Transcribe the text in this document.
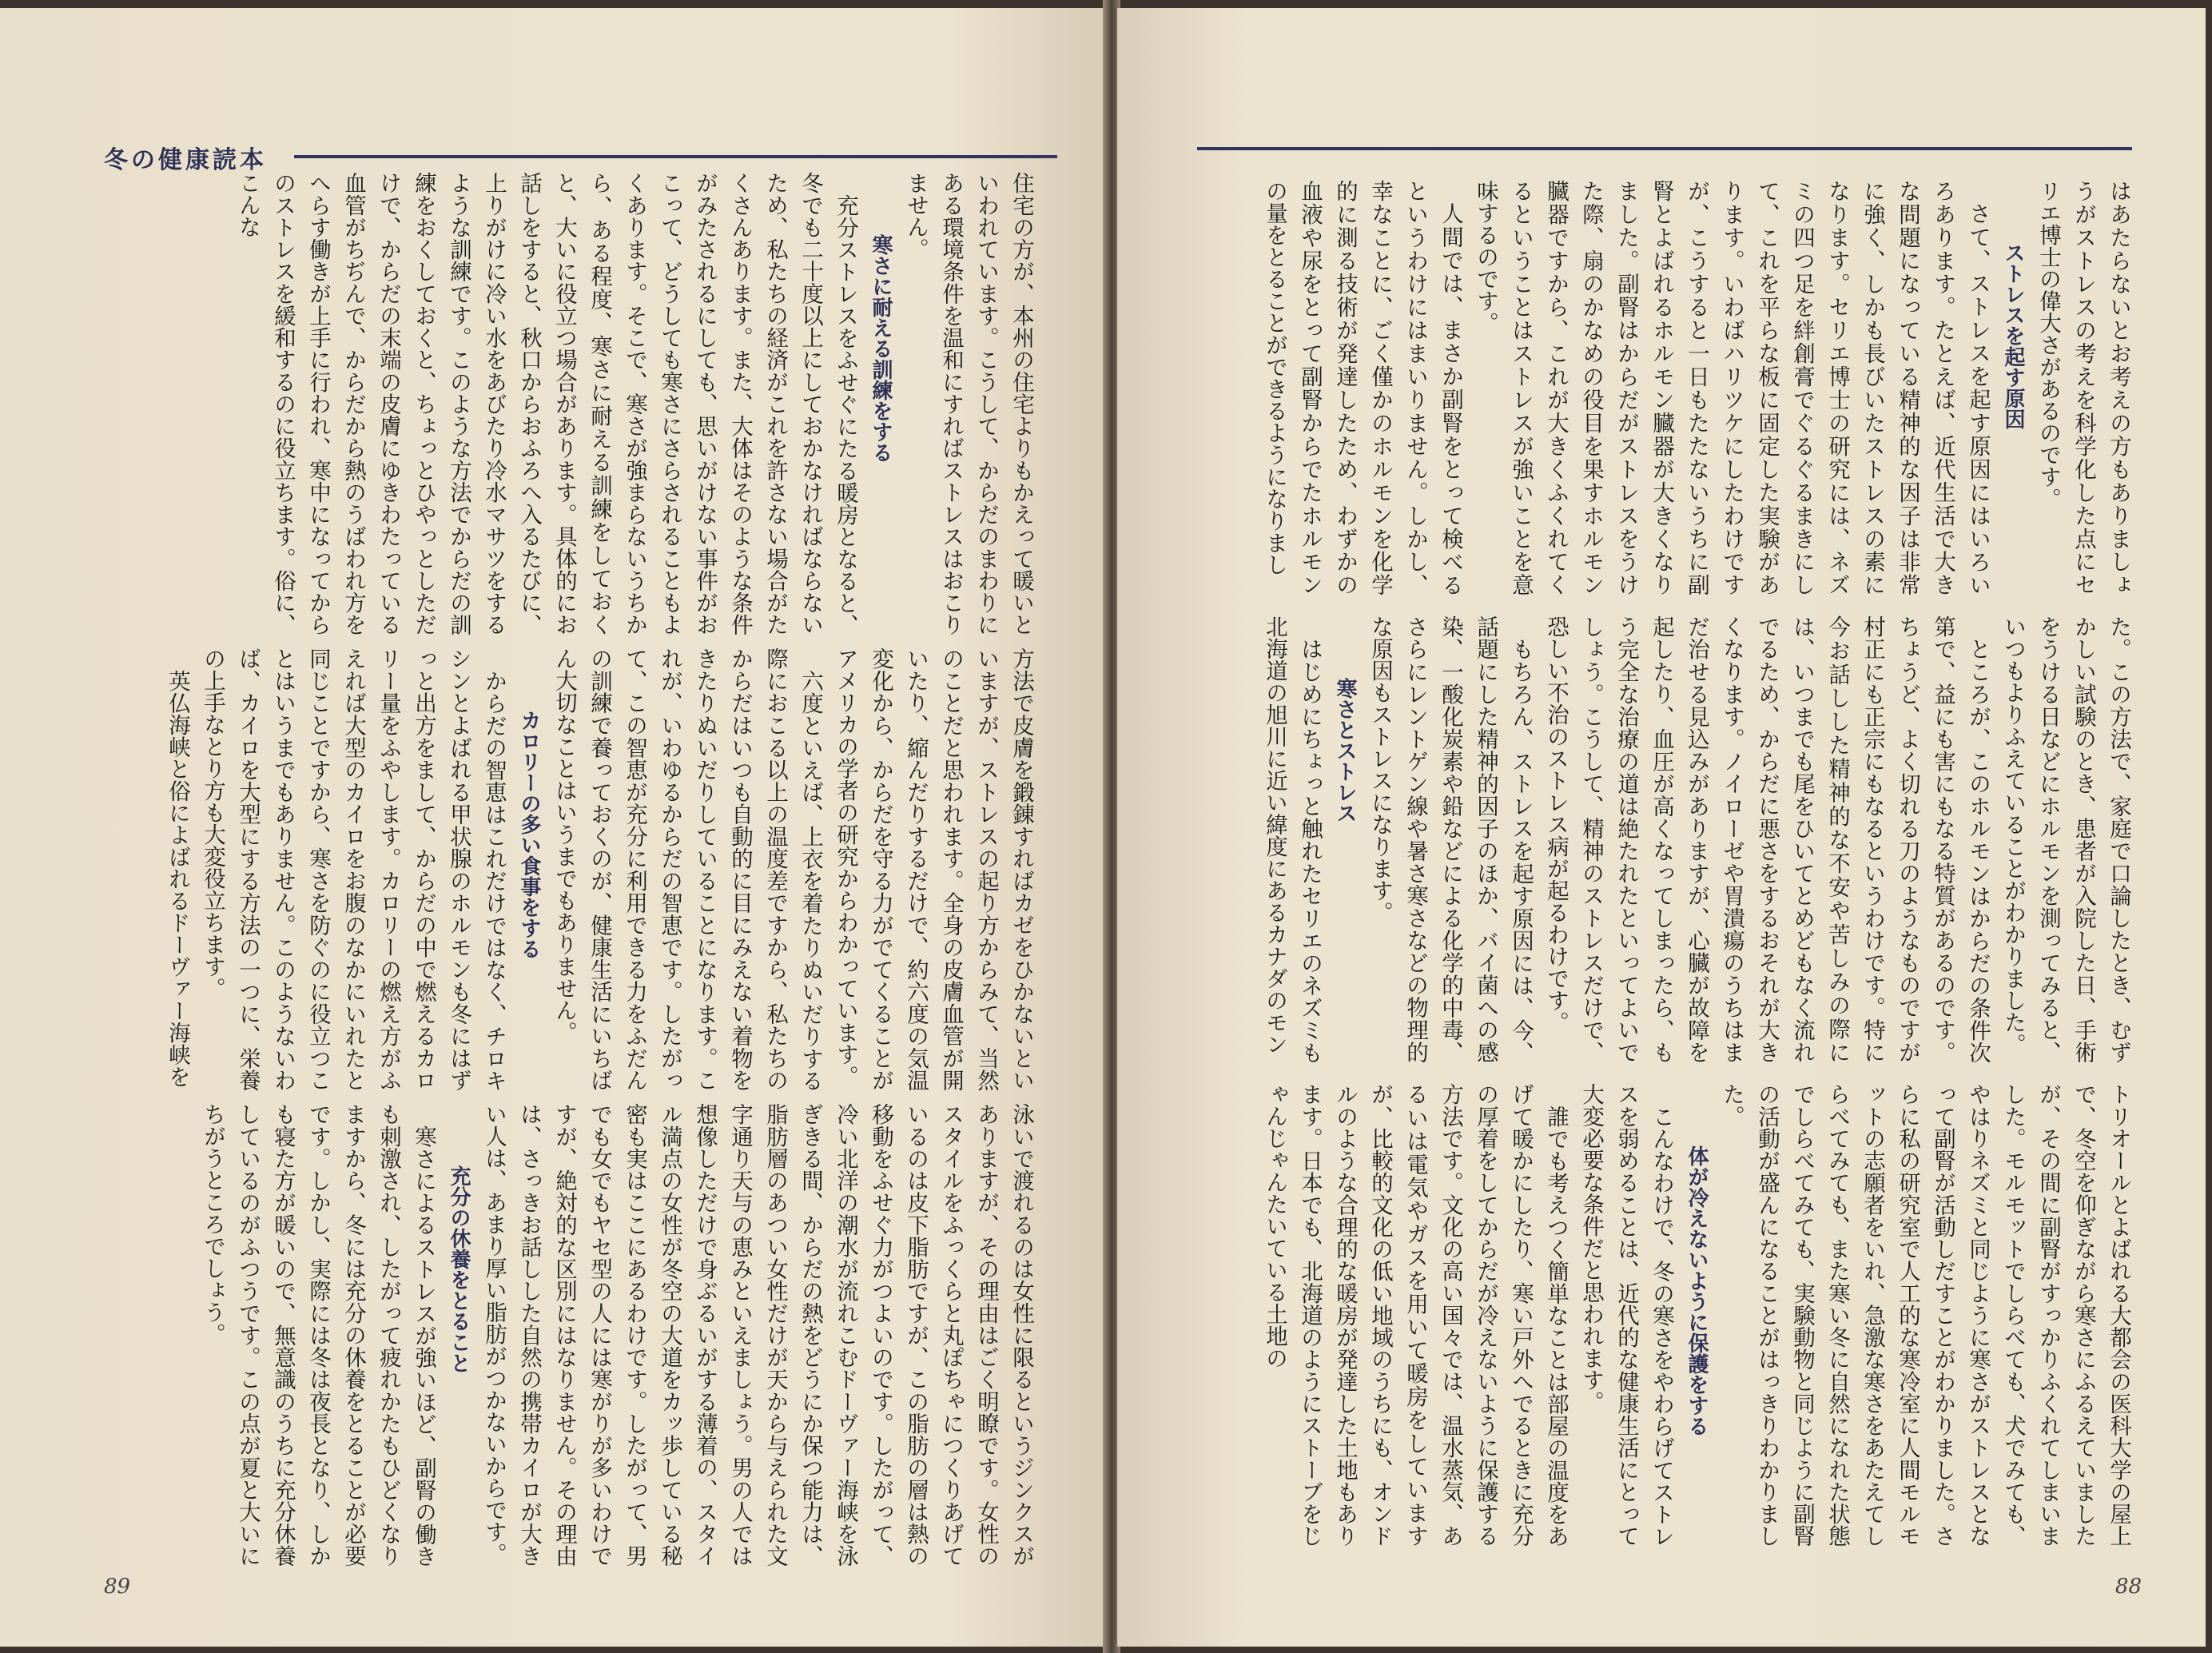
冬の健康読本

住宅の方が、本州の住宅よりもかえって暖いといわれています。こうして、からだのまわりにある環境条件を温和にすればストレスはおこりません。

寒さに耐える訓練をする

充分ストレスをふせぐにたる暖房となると、冬でも二十度以上にしておかなければならないため、私たちの経済がこれを許さない場合がたくさんあります。また、大体はそのような条件がみたされるにしても、思いがけない事件がおこって、どうしても寒さにさらされることもよくあります。そこで、寒さが強まらないうちから、ある程度、寒さに耐える訓練をしておくと、大いに役立つ場合があります。具体的にお話しをすると、秋口からおふろへ入るたびに、上りがけに冷い水をあびたり冷水マサツをするような訓練です。このような方法でからだの訓練をおくしておくと、ちょっとひやっとしただけで、からだの末端の皮膚にゆきわたっている血管がちぢんで、からだから熱のうばわれ方をへらす働きが上手に行われ、寒中になってからのストレスを緩和するのに役立ちます。俗に、こんな

方法で皮膚を鍛錬すればカゼをひかないといいますが、ストレスの起り方からみて、当然のことだと思われます。全身の皮膚血管が開いたり、縮んだりするだけで、約六度の気温変化から、からだを守る力がでてくることがアメリカの学者の研究からわかっています。

六度といえば、上衣を着たりぬいだりする際におこる以上の温度差ですから、私たちのからだはいつも自動的に目にみえない着物をきたりぬいだりしていることになります。これが、いわゆるからだの智恵です。したがって、この智恵が充分に利用できる力をふだんの訓練で養っておくのが、健康生活にいちばん大切なことはいうまでもありません。

カロリーの多い食事をする

からだの智恵はこれだけではなく、チロキシンとよばれる甲状腺のホルモンも冬にはずっと出方をまして、からだの中で燃えるカロリー量をふやします。カロリーの燃え方がふえれば大型のカイロをお腹のなかにいれたと同じことですから、寒さを防ぐのに役立つことはいうまでもありません。このようないわば、カイロを大型にする方法の一つに、栄養の上手なとり方も大変役立ちます。

英仏海峡と俗によばれるドーヴァー海峡を

泳いで渡れるのは女性に限るというジンクスがありますが、その理由はごく明瞭です。女性のスタイルをふっくらと丸ぽちゃにつくりあげているのは皮下脂肪ですが、この脂肪の層は熱の移動をふせぐ力がつよいのです。したがって、冷い北洋の潮水が流れこむドーヴァー海峡を泳ぎきる間、からだの熱をどうにか保つ能力は、脂肪層のあつい女性だけが天から与えられた文字通り天与の恵みといえましょう。男の人では想像しただけで身ぶるいがする薄着の、スタイル満点の女性が冬空の大道をカッ歩している秘密も実はここにあるわけです。したがって、男でも女でもヤセ型の人には寒がりが多いわけですが、絶対的な区別にはなりません。その理由は、さっきお話しした自然の携帯カイロが大きい人は、あまり厚い脂肪がつかないからです。

充分の休養をとること

寒さによるストレスが強いほど、副腎の働きも刺激され、したがって疲れかたもひどくなりますから、冬には充分の休養をとることが必要です。しかし、実際には冬は夜長となり、しかも寝た方が暖いので、無意識のうちに充分休養しているのがふつうです。この点が夏と大いにちがうところでしょう。

89

はあたらないとお考えの方もありましょうがストレスの考えを科学化した点にセリエ博士の偉大さがあるのです。

ストレスを起す原因

さて、ストレスを起す原因にはいろいろあります。たとえば、近代生活で大きな問題になっている精神的な因子は非常に強く、しかも長びいたストレスの素になります。セリエ博士の研究には、ネズミの四つ足を絆創膏でぐるぐるまきにして、これを平らな板に固定した実験があります。いわばハリツケにしたわけですが、こうすると一日もたたないうちに副腎とよばれるホルモン臓器が大きくなりました。副腎はからだがストレスをうけた際、扇のかなめの役目を果すホルモン臓器ですから、これが大きくふくれてくるということはストレスが強いことを意味するのです。

人間では、まさか副腎をとって検べるというわけにはまいりません。しかし、幸なことに、ごく僅かのホルモンを化学的に測る技術が発達したため、わずかの血液や尿をとって副腎からでたホルモンの量をとることができるようになりまし

た。この方法で、家庭で口論したとき、むずかしい試験のとき、患者が入院した日、手術をうける日などにホルモンを測ってみると、いつもよりふえていることがわかりました。

ところが、このホルモンはからだの条件次第で、益にも害にもなる特質があるのです。ちょうど、よく切れる刀のようなものですが村正にも正宗にもなるというわけです。特に今お話しした精神的な不安や苦しみの際には、いつまでも尾をひいてとめどもなく流れでるため、からだに悪さをするおそれが大きくなります。ノイローゼや胃潰瘍のうちはまだ治せる見込みがありますが、心臓が故障を起したり、血圧が高くなってしまったら、もう完全な治療の道は絶たれたといってよいでしょう。こうして、精神のストレスだけで、恐しい不治のストレス病が起るわけです。

もちろん、ストレスを起す原因には、今、話題にした精神的因子のほか、バイ菌への感染、一酸化炭素や鉛などによる化学的中毒、さらにレントゲン線や暑さ寒さなどの物理的な原因もストレスになります。

寒さとストレス

はじめにちょっと触れたセリエのネズミも北海道の旭川に近い緯度にあるカナダのモン

トリオールとよばれる大都会の医科大学の屋上で、冬空を仰ぎながら寒さにふるえていましたが、その間に副腎がすっかりふくれてしまいました。モルモットでしらべても、犬でみても、やはりネズミと同じように寒さがストレスとなって副腎が活動しだすことがわかりました。さらに私の研究室で人工的な寒冷室に人間モルモットの志願者をいれ、急激な寒さをあたえてしらべてみても、また寒い冬に自然になれた状態でしらべてみても、実験動物と同じように副腎の活動が盛んになることがはっきりわかりました。

体が冷えないように保護をする

こんなわけで、冬の寒さをやわらげてストレスを弱めることは、近代的な健康生活にとって大変必要な条件だと思われます。

誰でも考えつく簡単なことは部屋の温度をあげて暖かにしたり、寒い戸外へでるときに充分の厚着をしてからだが冷えないように保護する方法です。文化の高い国々では、温水蒸気、あるいは電気やガスを用いて暖房をしていますが、比較的文化の低い地域のうちにも、オンドルのような合理的な暖房が発達した土地もあります。日本でも、北海道のようにストーブをじゃんじゃんたいている土地の

88
